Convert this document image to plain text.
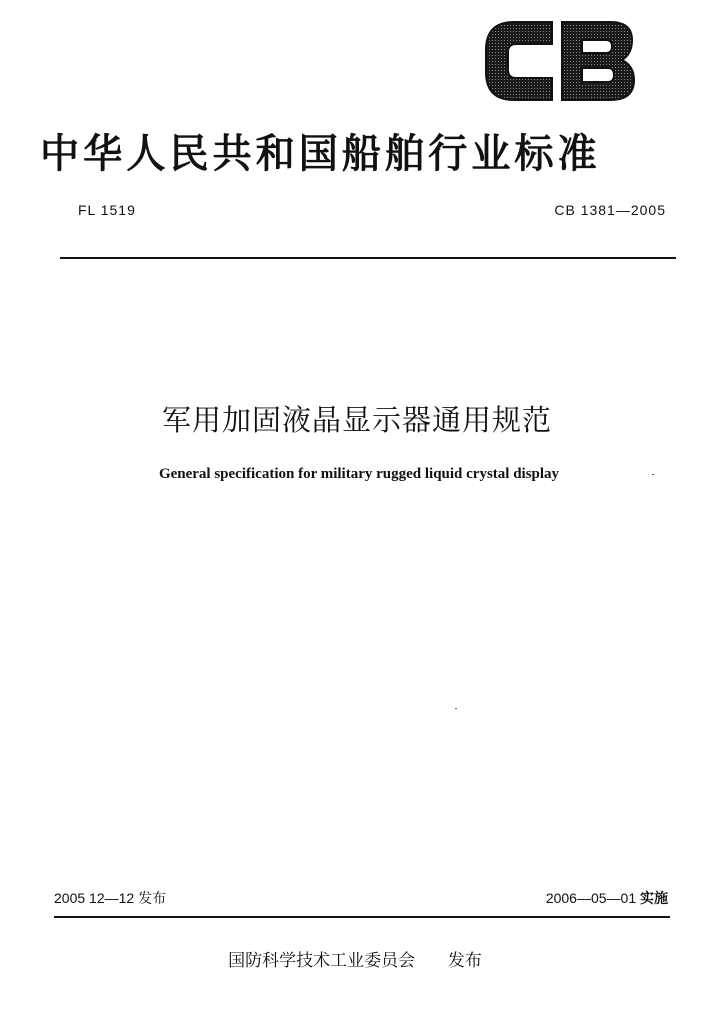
中华人民共和国船舶行业标准
FL 1519	CB 1381—2005
军用加固液晶显示器通用规范
General specification for military rugged liquid crystal display
2005 12—12 发布	2006—05—01 实施
国防科学技术工业委员会 发布
